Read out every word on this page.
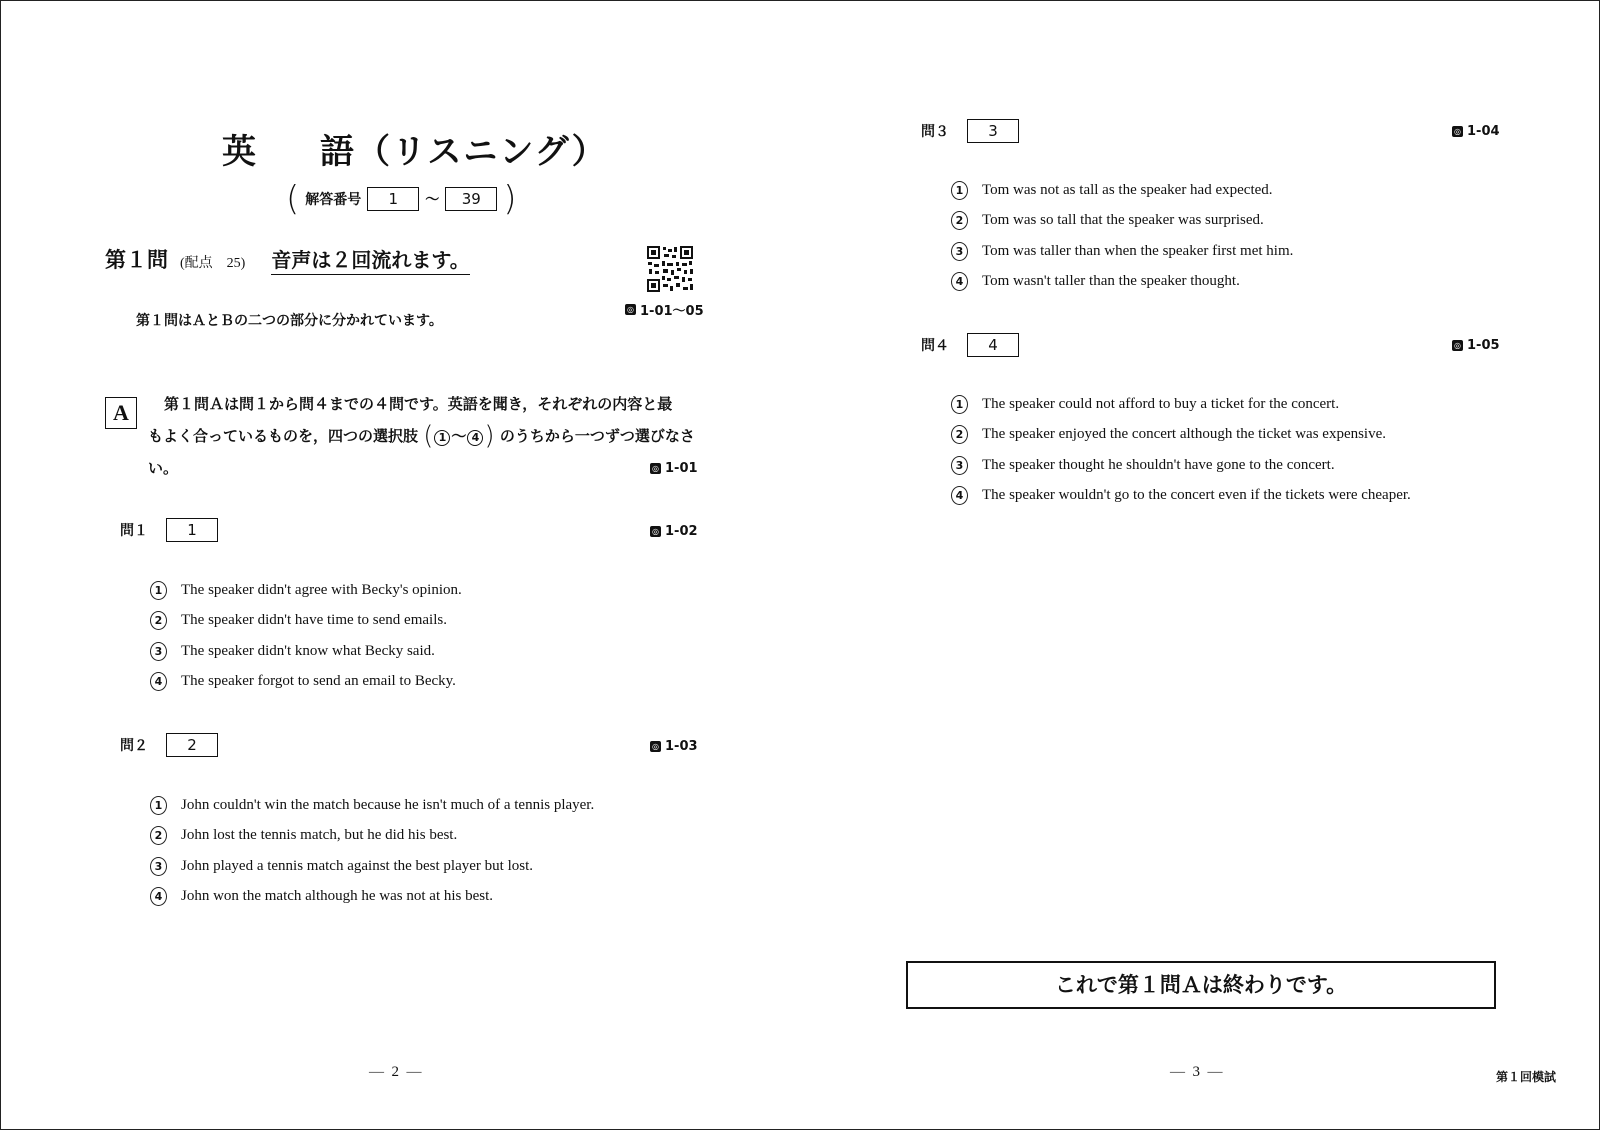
英 語（リスニング）
( 解答番号	1	〜	39 )
第１問 (配点　25) 音声は２回流れます。
◎ 1-01〜05
第１問はＡとＢの二つの部分に分かれています。
A	第１問Ａは問１から問４までの４問です。英語を聞き，それぞれの内容と最
もよく合っているものを，四つの選択肢 ( 1 〜 4 ) のうちから一つずつ選びなさ
い。	◎ 1-01
問１	1	◎ 1-02
1	The speaker didn't agree with Becky's opinion.
2	The speaker didn't have time to send emails.
3	The speaker didn't know what Becky said.
4	The speaker forgot to send an email to Becky.
問２	2	◎ 1-03
1	John couldn't win the match because he isn't much of a tennis player.
2	John lost the tennis match, but he did his best.
3	John played a tennis match against the best player but lost.
4	John won the match although he was not at his best.
— 2 —
問３	3	◎ 1-04
1	Tom was not as tall as the speaker had expected.
2	Tom was so tall that the speaker was surprised.
3	Tom was taller than when the speaker first met him.
4	Tom wasn't taller than the speaker thought.
問４	4	◎ 1-05
1	The speaker could not afford to buy a ticket for the concert.
2	The speaker enjoyed the concert although the ticket was expensive.
3	The speaker thought he shouldn't have gone to the concert.
4	The speaker wouldn't go to the concert even if the tickets were cheaper.
これで第１問Ａは終わりです。
— 3 —	第１回模試
